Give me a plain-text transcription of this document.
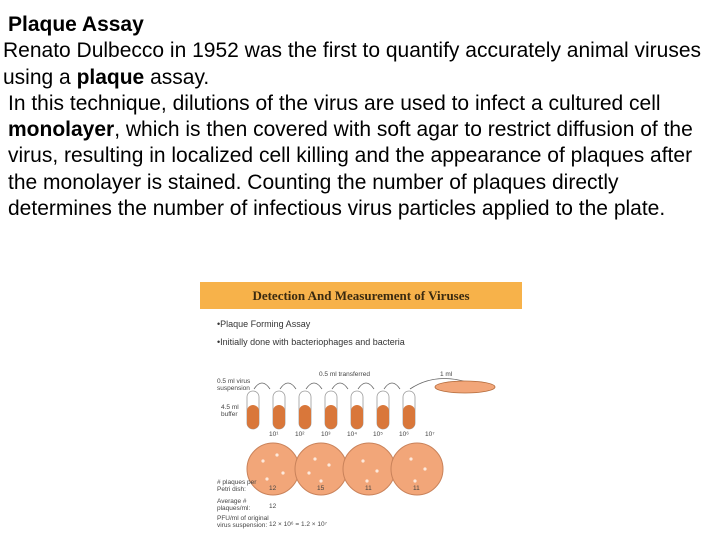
Plaque Assay

Renato Dulbecco in 1952 was the first to quantify accurately animal viruses using a plaque assay.

In this technique, dilutions of the virus are used to infect a cultured cell monolayer, which is then covered with soft agar to restrict diffusion of the virus, resulting in localized cell killing and the appearance of plaques after the monolayer is stained. Counting the number of plaques directly determines the number of infectious virus particles applied to the plate.

Detection And Measurement of Viruses
•Plaque Forming Assay
•Initially done with bacteriophages and bacteria
0.5 ml transferred	1 ml
0.5 ml virus
suspension
4.5 ml
buffer
10¹	10²	10³	10⁴ 10⁵ 10⁶ 10⁷
# plaques per
Petri dish:	12	15	11	11
Average #
plaques/ml:	12
PFU/ml of original
virus suspension: 12 × 10⁶ = 1.2 × 10⁷
